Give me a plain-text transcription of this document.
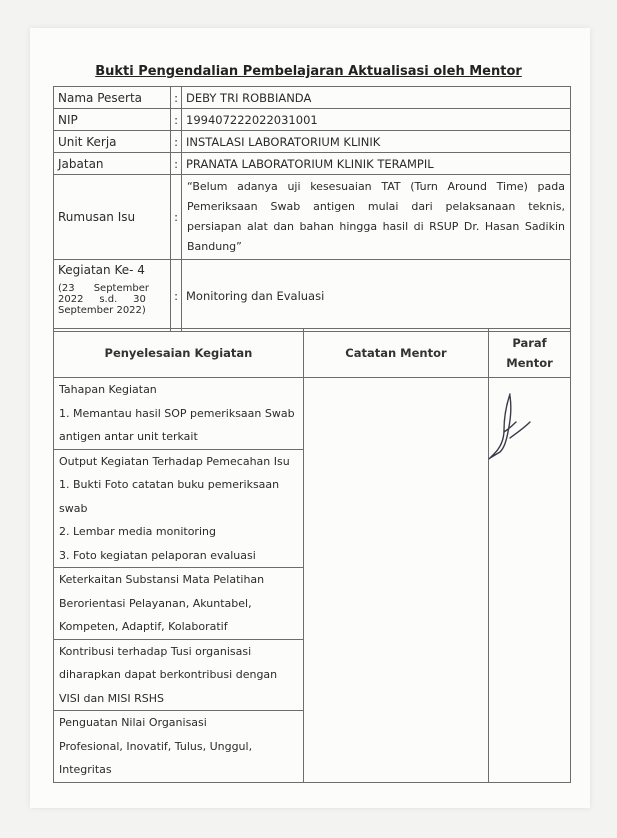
Bukti Pengendalian Pembelajaran Aktualisasi oleh Mentor
Nama Peserta	:	DEBY TRI ROBBIANDA
NIP	:	199407222022031001
Unit Kerja	:	INSTALASI LABORATORIUM KLINIK
Jabatan	:	PRANATA LABORATORIUM KLINIK TERAMPIL
Rumusan Isu	:	“Belum adanya uji kesesuaian TAT (Turn Around Time) pada Pemeriksaan Swab antigen mulai dari pelaksanaan teknis, persiapan alat dan bahan hingga hasil di RSUP Dr. Hasan Sadikin Bandung”

Kegiatan Ke- 4
(23      September
2022     s.d.     30
September 2022)	:	Monitoring dan Evaluasi
Penyelesaian Kegiatan	Catatan Mentor	Paraf
Mentor

Tahapan Kegiatan
1. Memantau hasil SOP pemeriksaan Swab
antigen antar unit terkait		

Output Kegiatan Terhadap Pemecahan Isu
1. Bukti Foto catatan buku pemeriksaan
swab
2. Lembar media monitoring
3. Foto kegiatan pelaporan evaluasi		

Keterkaitan Substansi Mata Pelatihan
Berorientasi Pelayanan, Akuntabel,
Kompeten, Adaptif, Kolaboratif		

Kontribusi terhadap Tusi organisasi
diharapkan dapat berkontribusi dengan
VISI dan MISI RSHS		

Penguatan Nilai Organisasi
Profesional, Inovatif, Tulus, Unggul,
Integritas		
